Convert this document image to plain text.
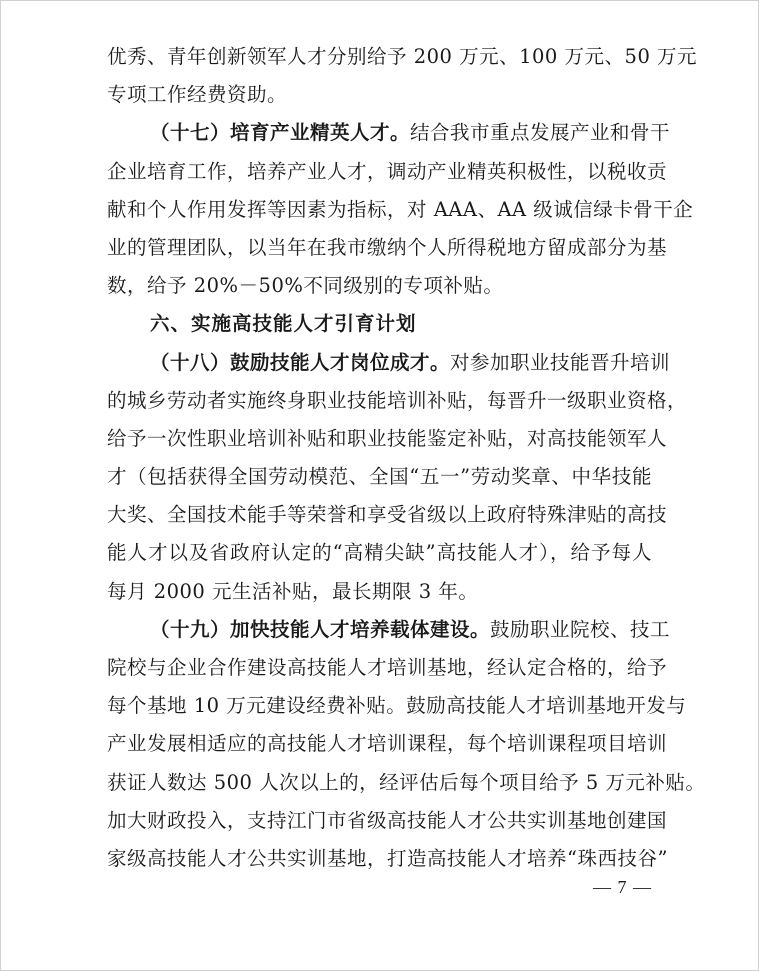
优秀、青年创新领军人才分别给予 200 万元、100 万元、50 万元
专项工作经费资助。
（十七）培育产业精英人才。结合我市重点发展产业和骨干
企业培育工作，培养产业人才，调动产业精英积极性，以税收贡
献和个人作用发挥等因素为指标，对 AAA、AA 级诚信绿卡骨干企
业的管理团队，以当年在我市缴纳个人所得税地方留成部分为基
数，给予 20%－50%不同级别的专项补贴。
六、实施高技能人才引育计划
（十八）鼓励技能人才岗位成才。对参加职业技能晋升培训
的城乡劳动者实施终身职业技能培训补贴，每晋升一级职业资格，
给予一次性职业培训补贴和职业技能鉴定补贴，对高技能领军人
才（包括获得全国劳动模范、全国“五一”劳动奖章、中华技能
大奖、全国技术能手等荣誉和享受省级以上政府特殊津贴的高技
能人才以及省政府认定的“高精尖缺”高技能人才），给予每人
每月 2000 元生活补贴，最长期限 3 年。
（十九）加快技能人才培养载体建设。鼓励职业院校、技工
院校与企业合作建设高技能人才培训基地，经认定合格的，给予
每个基地 10 万元建设经费补贴。鼓励高技能人才培训基地开发与
产业发展相适应的高技能人才培训课程，每个培训课程项目培训
获证人数达 500 人次以上的，经评估后每个项目给予 5 万元补贴。
加大财政投入，支持江门市省级高技能人才公共实训基地创建国
家级高技能人才公共实训基地，打造高技能人才培养“珠西技谷”
— 7 —
